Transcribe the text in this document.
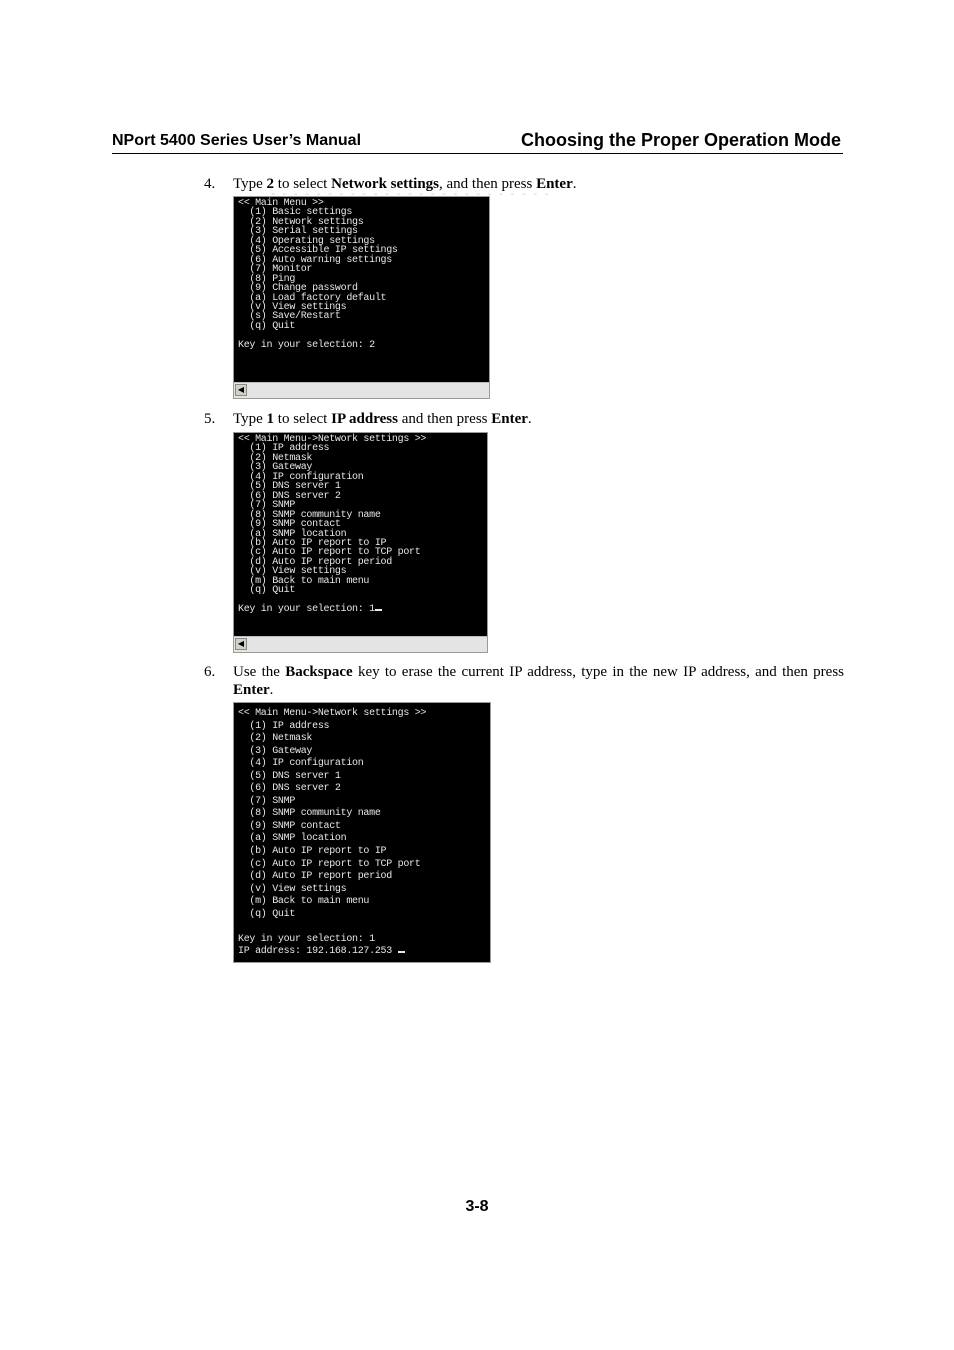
NPort 5400 Series User’s Manual	Choosing the Proper Operation Mode
4.	Type 2 to select Network settings, and then press Enter.
- - - - - - - - - - - - - - - - - - - - - - - - -
<< Main Menu >>
(1) Basic settings
(2) Network settings
(3) Serial settings
(4) Operating settings
(5) Accessible IP settings
(6) Auto warning settings
(7) Monitor
(8) Ping
(9) Change password
(a) Load factory default
(v) View settings
(s) Save/Restart
(q) Quit

Key in your selection: 2
◀
5.	Type 1 to select IP address and then press Enter.
<< Main Menu->Network settings >>
(1) IP address
(2) Netmask
(3) Gateway
(4) IP configuration
(5) DNS server 1
(6) DNS server 2
(7) SNMP
(8) SNMP community name
(9) SNMP contact
(a) SNMP location
(b) Auto IP report to IP
(c) Auto IP report to TCP port
(d) Auto IP report period
(v) View settings
(m) Back to main menu
(q) Quit

Key in your selection: 1
◀
6.	Use the Backspace key to erase the current IP address, type in the new IP address, and then press Enter.
<< Main Menu->Network settings >>
(1) IP address
(2) Netmask
(3) Gateway
(4) IP configuration
(5) DNS server 1
(6) DNS server 2
(7) SNMP
(8) SNMP community name
(9) SNMP contact
(a) SNMP location
(b) Auto IP report to IP
(c) Auto IP report to TCP port
(d) Auto IP report period
(v) View settings
(m) Back to main menu
(q) Quit

Key in your selection: 1
IP address: 192.168.127.253
3-8
